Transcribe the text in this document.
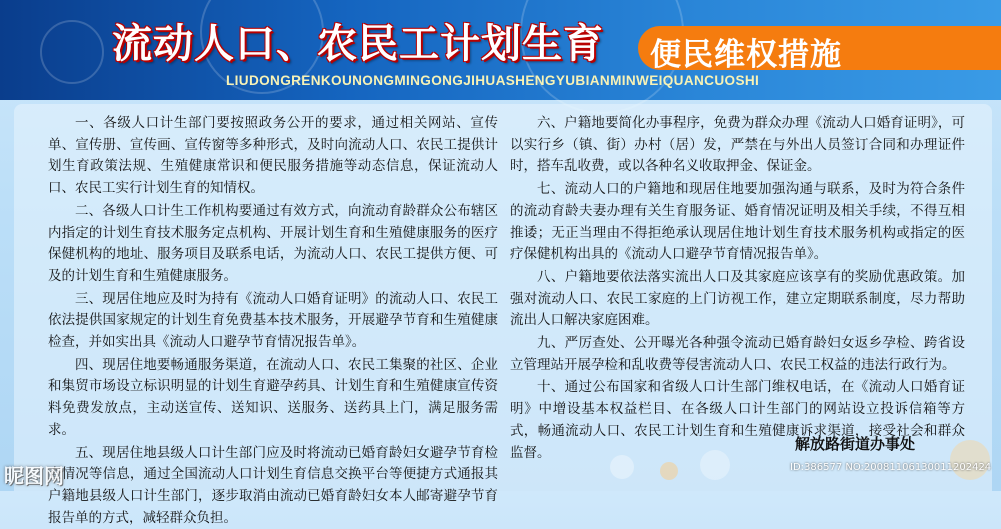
流动人口、农民工计划生育 便民维权措施
LIUDONGRENKOUNONGMINGONGJIHUASHENGYUBIANMINWEIQUANCUOSHI

一、各级人口计生部门要按照政务公开的要求，通过相关网站、宣传单、宣传册、宣传画、宣传窗等多种形式，及时向流动人口、农民工提供计划生育政策法规、生殖健康常识和便民服务措施等动态信息，保证流动人口、农民工实行计划生育的知情权。

二、各级人口计生工作机构要通过有效方式，向流动育龄群众公布辖区内指定的计划生育技术服务定点机构、开展计划生育和生殖健康服务的医疗保健机构的地址、服务项目及联系电话，为流动人口、农民工提供方便、可及的计划生育和生殖健康服务。

三、现居住地应及时为持有《流动人口婚育证明》的流动人口、农民工依法提供国家规定的计划生育免费基本技术服务，开展避孕节育和生殖健康检查，并如实出具《流动人口避孕节育情况报告单》。

四、现居住地要畅通服务渠道，在流动人口、农民工集聚的社区、企业和集贸市场设立标识明显的计划生育避孕药具、计划生育和生殖健康宣传资料免费发放点，主动送宣传、送知识、送服务、送药具上门，满足服务需求。

五、现居住地县级人口计生部门应及时将流动已婚育龄妇女避孕节育检查情况等信息，通过全国流动人口计划生育信息交换平台等便捷方式通报其户籍地县级人口计生部门，逐步取消由流动已婚育龄妇女本人邮寄避孕节育报告单的方式，减轻群众负担。

六、户籍地要简化办事程序，免费为群众办理《流动人口婚育证明》，可以实行乡（镇、街）办村（居）发，严禁在与外出人员签订合同和办理证件时，搭车乱收费，或以各种名义收取押金、保证金。

七、流动人口的户籍地和现居住地要加强沟通与联系，及时为符合条件的流动育龄夫妻办理有关生育服务证、婚育情况证明及相关手续，不得互相推诿；无正当理由不得拒绝承认现居住地计划生育技术服务机构或指定的医疗保健机构出具的《流动人口避孕节育情况报告单》。

八、户籍地要依法落实流出人口及其家庭应该享有的奖励优惠政策。加强对流动人口、农民工家庭的上门访视工作，建立定期联系制度，尽力帮助流出人口解决家庭困难。

九、严厉查处、公开曝光各种强令流动已婚育龄妇女返乡孕检、跨省设立管理站开展孕检和乱收费等侵害流动人口、农民工权益的违法行政行为。

十、通过公布国家和省级人口计生部门维权电话，在《流动人口婚育证明》中增设基本权益栏目、在各级人口计生部门的网站设立投诉信箱等方式，畅通流动人口、农民工计划生育和生殖健康诉求渠道，接受社会和群众监督。	解放路街道办事处
昵图网	ID:386577 NO:20081106130011202424
